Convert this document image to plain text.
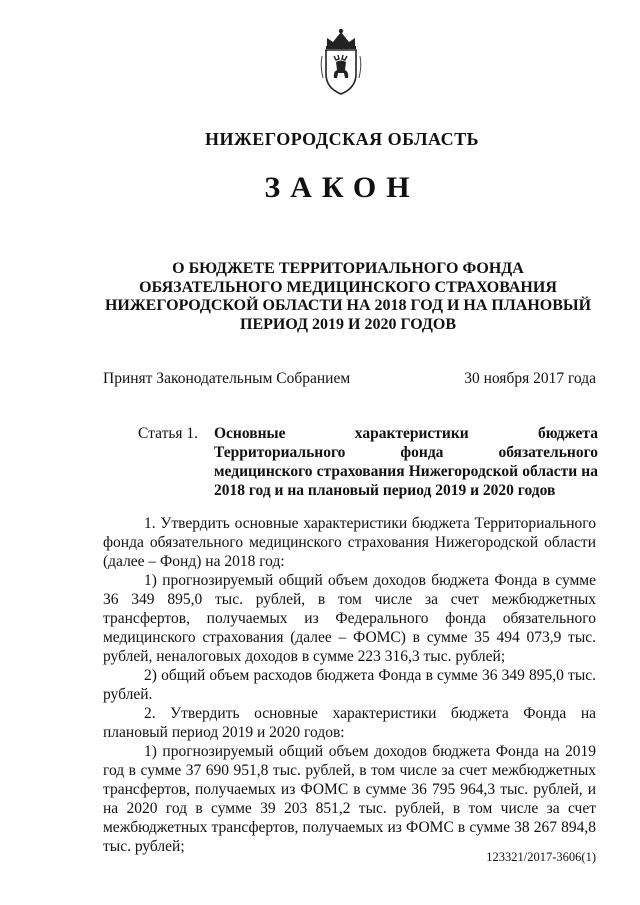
НИЖЕГОРОДСКАЯ ОБЛАСТЬ
ЗАКОН
О БЮДЖЕТЕ ТЕРРИТОРИАЛЬНОГО ФОНДА ОБЯЗАТЕЛЬНОГО МЕДИЦИНСКОГО СТРАХОВАНИЯ НИЖЕГОРОДСКОЙ ОБЛАСТИ НА 2018 ГОД И НА ПЛАНОВЫЙ ПЕРИОД 2019 И 2020 ГОДОВ
Принят Законодательным Собранием	30 ноября 2017 года
Статья 1.	Основные характеристики бюджета Территориального фонда обязательного медицинского страхования Нижегородской области на 2018 год и на плановый период 2019 и 2020 годов

1. Утвердить основные характеристики бюджета Территориального фонда обязательного медицинского страхования Нижегородской области (далее – Фонд) на 2018 год:

1) прогнозируемый общий объем доходов бюджета Фонда в сумме 36 349 895,0 тыс. рублей, в том числе за счет межбюджетных трансфертов, получаемых из Федерального фонда обязательного медицинского страхования (далее – ФОМС) в сумме 35 494 073,9 тыс. рублей, неналоговых доходов в сумме 223 316,3 тыс. рублей;

2) общий объем расходов бюджета Фонда в сумме 36 349 895,0 тыс. рублей.

2. Утвердить основные характеристики бюджета Фонда на плановый период 2019 и 2020 годов:

1) прогнозируемый общий объем доходов бюджета Фонда на 2019 год в сумме 37 690 951,8 тыс. рублей, в том числе за счет межбюджетных трансфертов, получаемых из ФОМС в сумме 36 795 964,3 тыс. рублей, и на 2020 год в сумме 39 203 851,2 тыс. рублей, в том числе за счет межбюджетных трансфертов, получаемых из ФОМС в сумме 38 267 894,8 тыс. рублей;

123321/2017-3606(1)
